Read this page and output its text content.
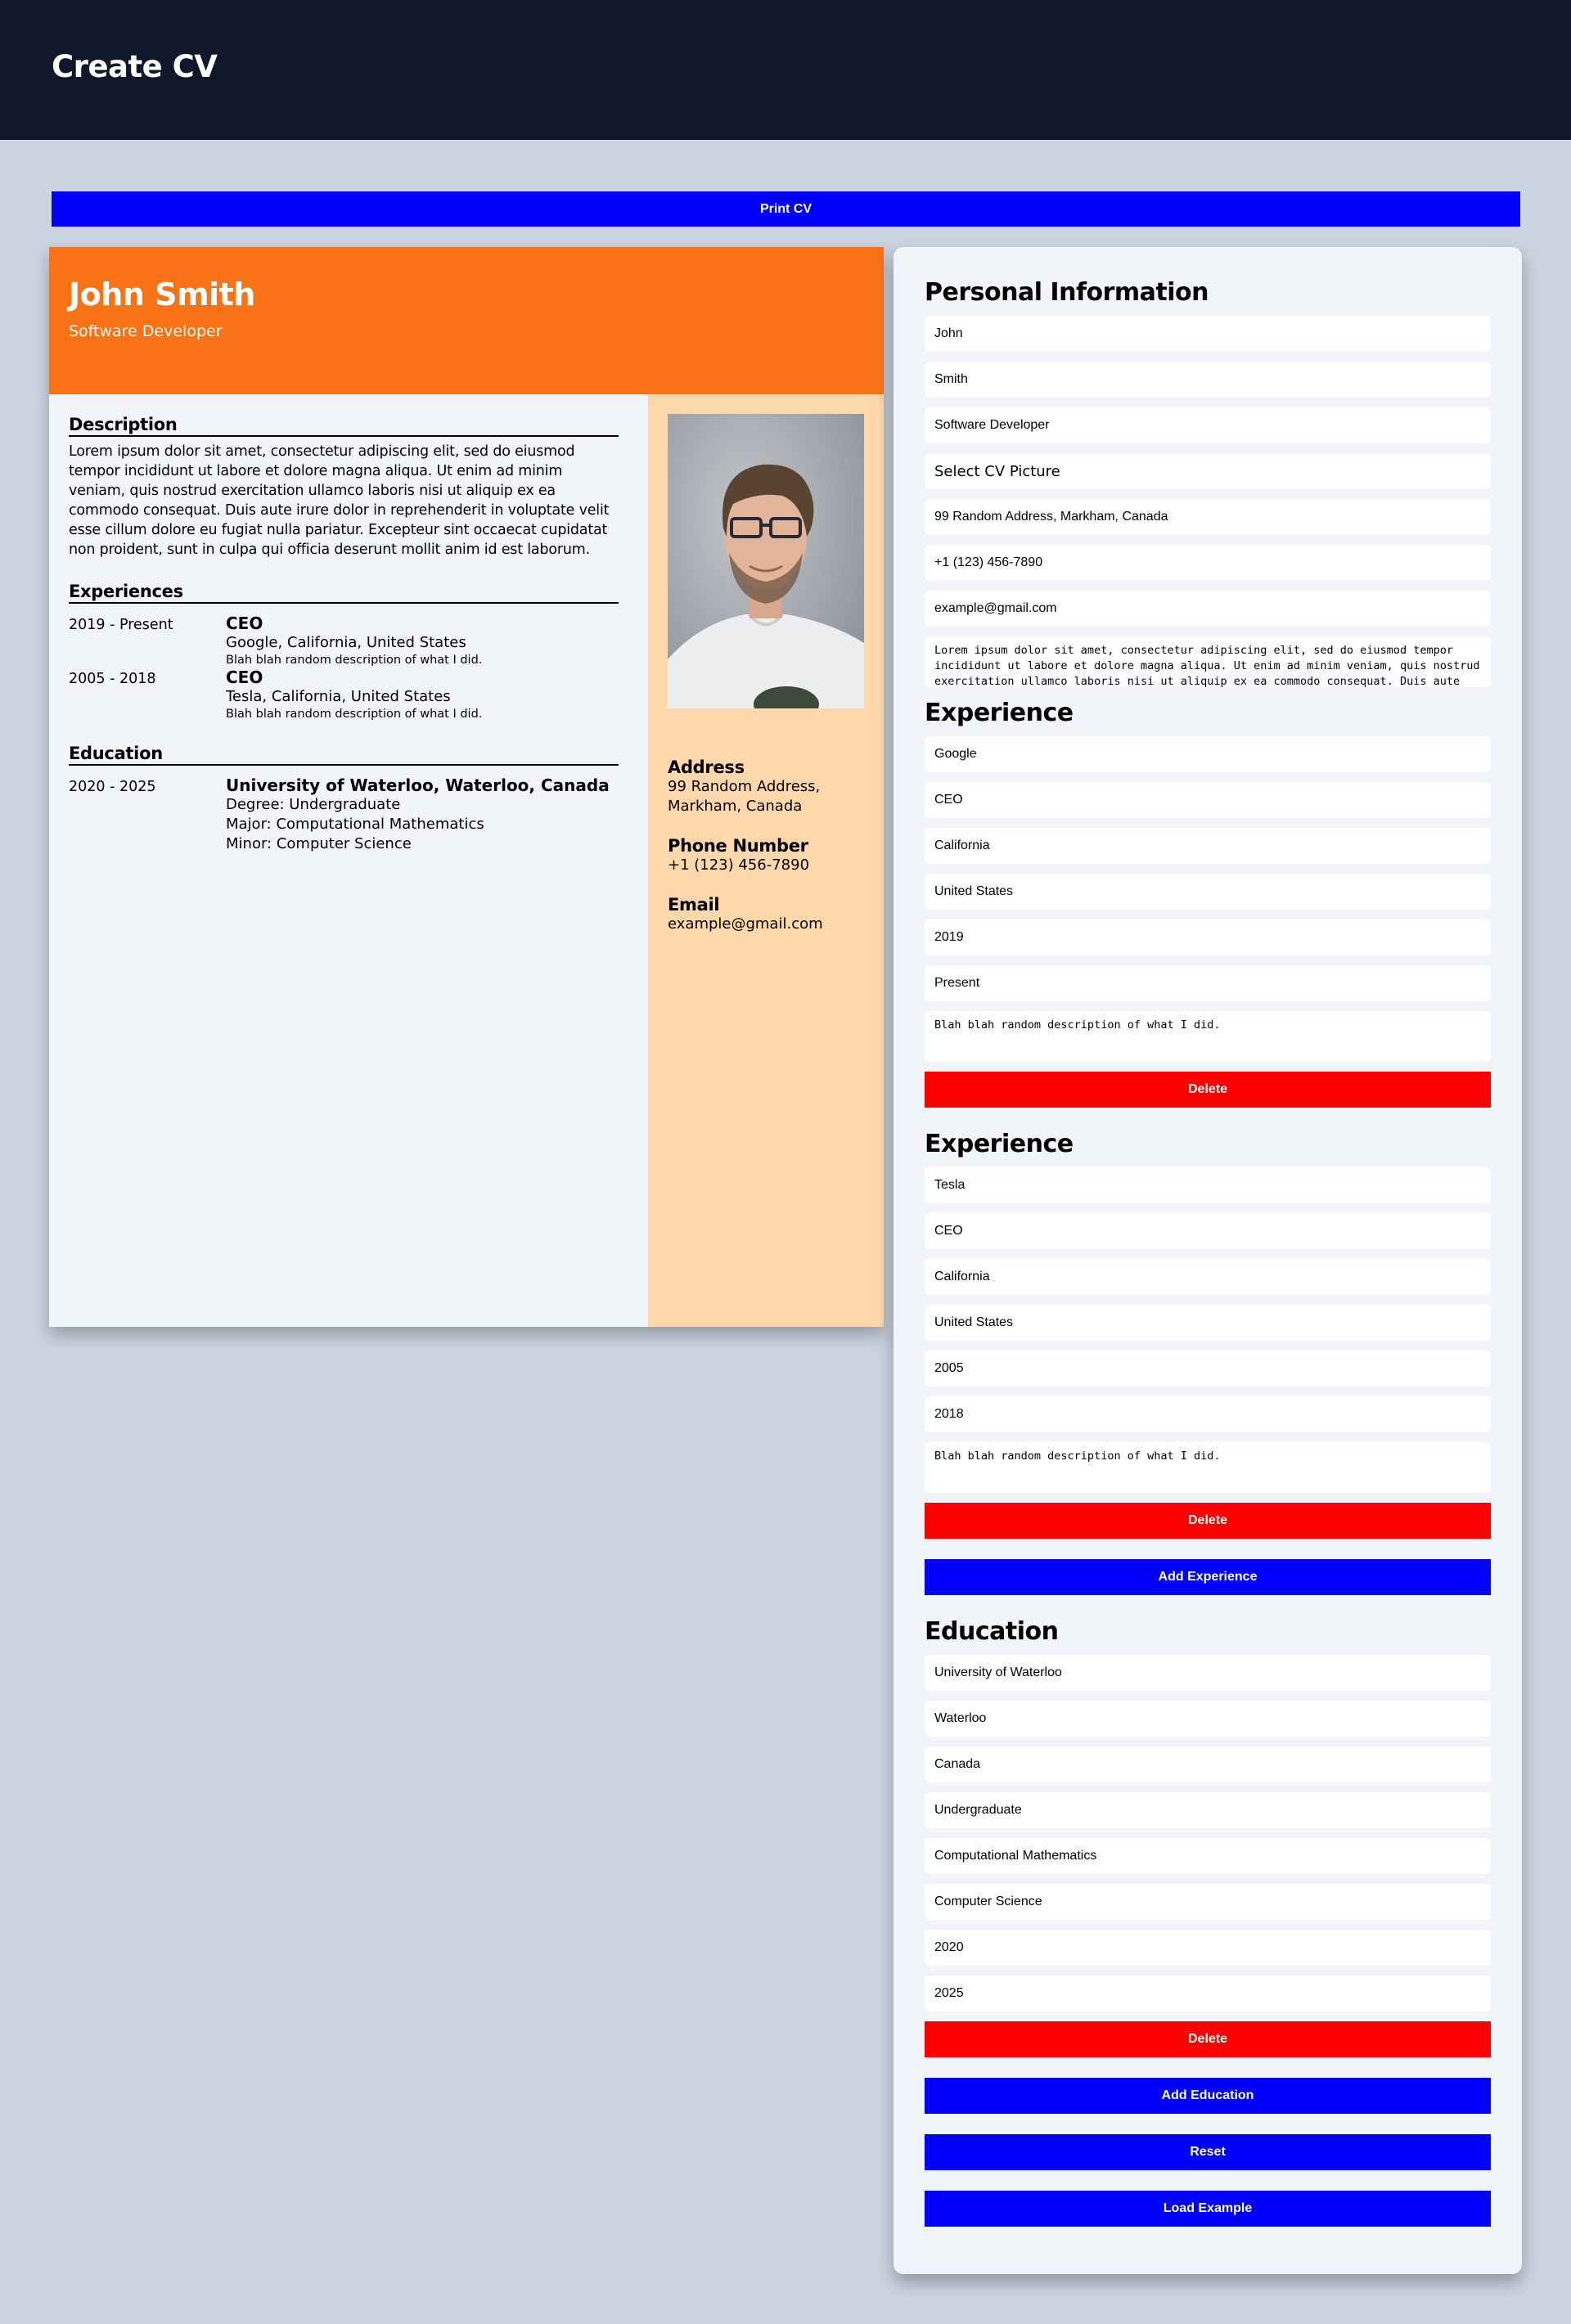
Create CV
Print CV
John Smith
Software Developer
Description

Lorem ipsum dolor sit amet, consectetur adipiscing elit, sed do eiusmod tempor incididunt ut labore et dolore magna aliqua. Ut enim ad minim veniam, quis nostrud exercitation ullamco laboris nisi ut aliquip ex ea commodo consequat. Duis aute irure dolor in reprehenderit in voluptate velit esse cillum dolore eu fugiat nulla pariatur. Excepteur sint occaecat cupidatat non proident, sunt in culpa qui officia deserunt mollit anim id est laborum.

Experiences
2019 - Present	CEO
Google, California, United States
Blah blah random description of what I did.
2005 - 2018	CEO
Tesla, California, United States
Blah blah random description of what I did.
Education
2020 - 2025	University of Waterloo, Waterloo, Canada
Degree: Undergraduate
Major: Computational Mathematics
Minor: Computer Science
Address
99 Random Address, Markham, Canada
Phone Number
+1 (123) 456-7890
Email
example@gmail.com
Personal Information
John
Smith
Software Developer
Select CV Picture
99 Random Address, Markham, Canada
+1 (123) 456-7890
example@gmail.com
Lorem ipsum dolor sit amet, consectetur adipiscing elit, sed do eiusmod tempor incididunt ut labore et dolore magna aliqua. Ut enim ad minim veniam, quis nostrud exercitation ullamco laboris nisi ut aliquip ex ea commodo consequat. Duis aute irure dolor in reprehenderit in voluptate velit esse cillum dolore eu fugiat nulla pariatur. Excepteur sint occaecat cupidatat non proident, sunt in culpa qui officia deserunt mollit anim id est laborum.
Experience
Google
CEO
California
United States
2019
Present
Blah blah random description of what I did.
Delete
Experience
Tesla
CEO
California
United States
2005
2018
Blah blah random description of what I did.
Delete
Add Experience
Education
University of Waterloo
Waterloo
Canada
Undergraduate
Computational Mathematics
Computer Science
2020
2025
Delete
Add Education
Reset
Load Example
